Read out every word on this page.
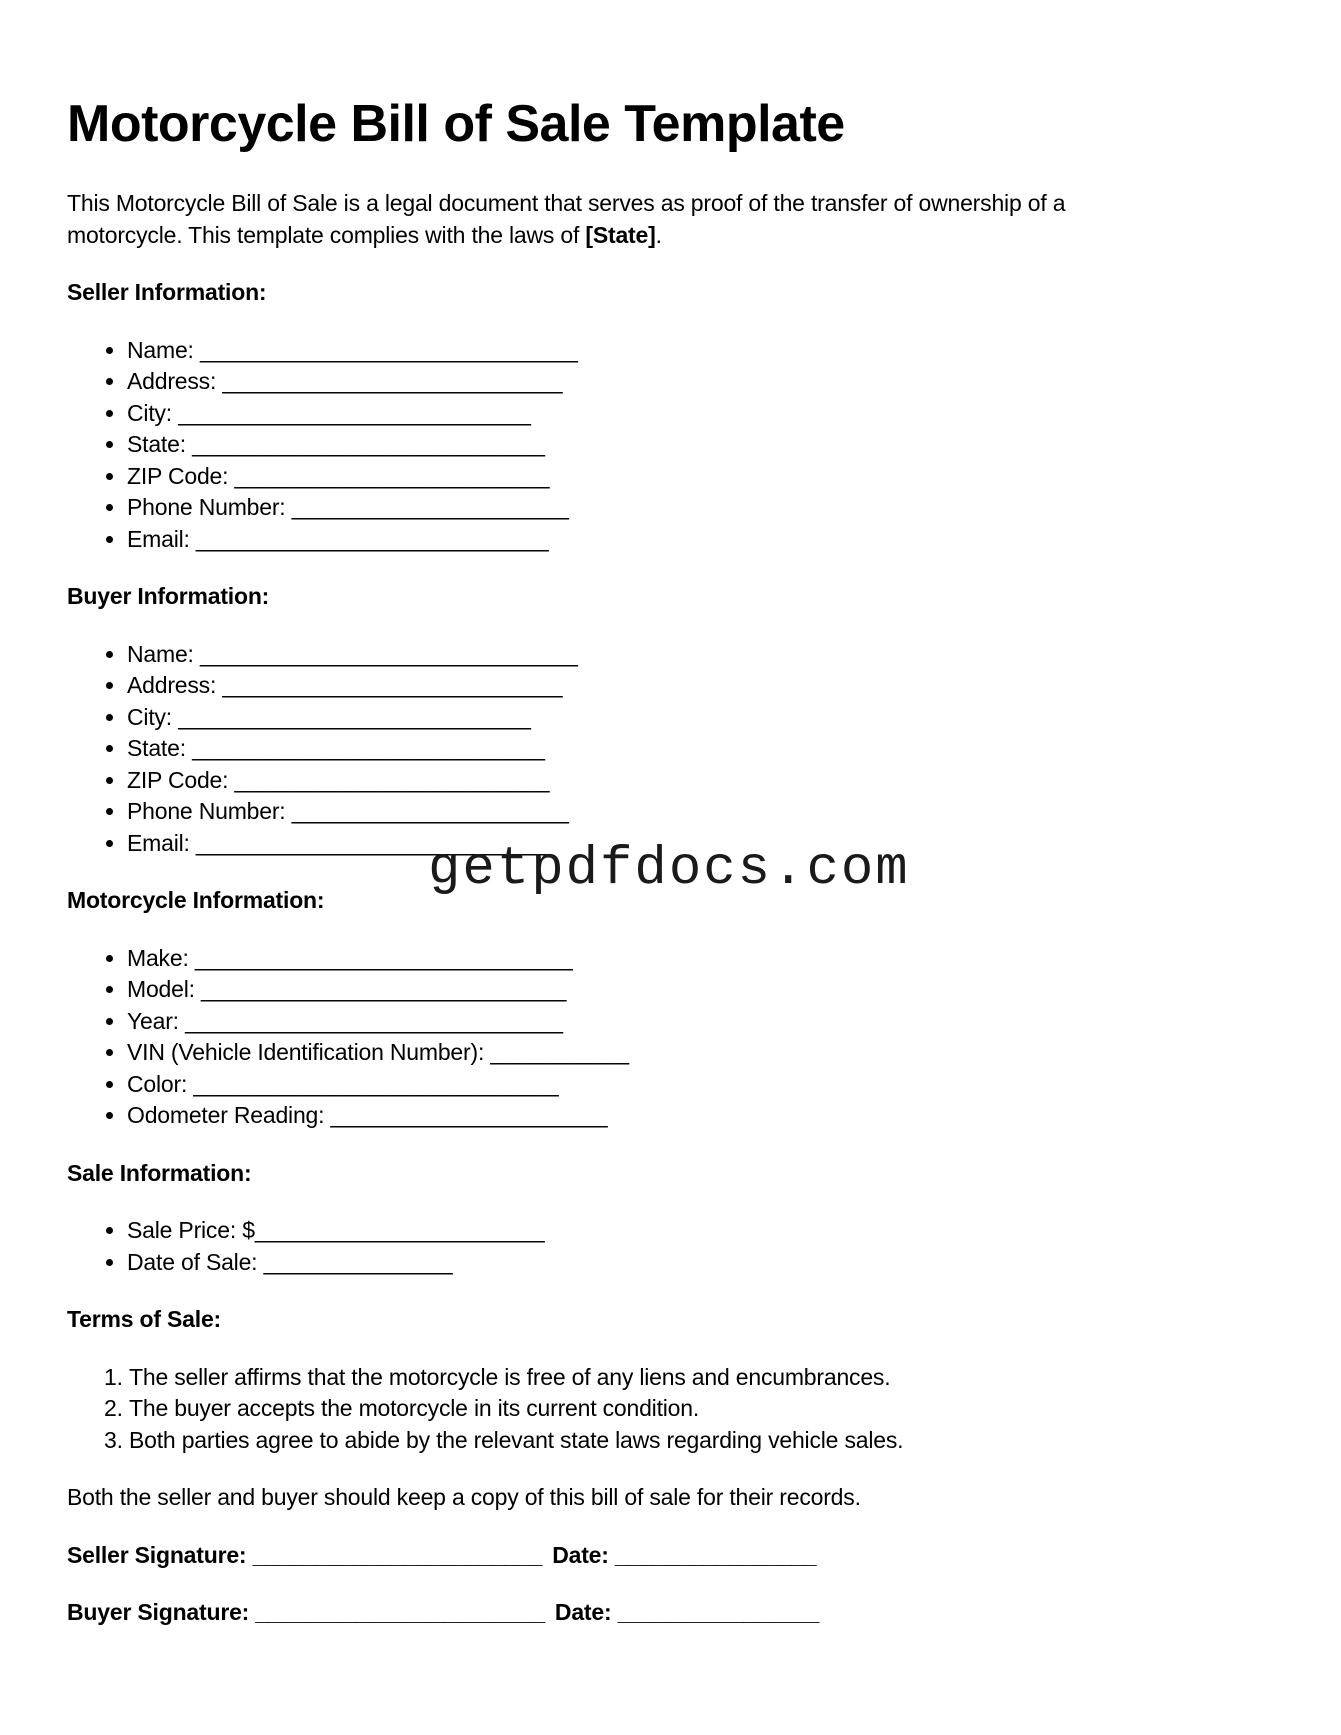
Motorcycle Bill of Sale Template

This Motorcycle Bill of Sale is a legal document that serves as proof of the transfer of ownership of a motorcycle. This template complies with the laws of [State].

Seller Information:
• Name: ______________________________
• Address: ___________________________
• City: ____________________________
• State: ____________________________
• ZIP Code: _________________________
• Phone Number: ______________________
• Email: ____________________________
Buyer Information:
• Name: ______________________________
• Address: ___________________________
• City: ____________________________
• State: ____________________________
• ZIP Code: _________________________
• Phone Number: ______________________
• Email: ____________________________
Motorcycle Information:
• Make: ______________________________
• Model: _____________________________
• Year: ______________________________
• VIN (Vehicle Identification Number): ___________
• Color: _____________________________
• Odometer Reading: ______________________
Sale Information:
• Sale Price: $_______________________
• Date of Sale: _______________
Terms of Sale:
1. The seller affirms that the motorcycle is free of any liens and encumbrances.
2. The buyer accepts the motorcycle in its current condition.
3. Both parties agree to abide by the relevant state laws regarding vehicle sales.

Both the seller and buyer should keep a copy of this bill of sale for their records.

Seller Signature: _______________________ Date: ________________

Buyer Signature: _______________________ Date: ________________

getpdfdocs.com
